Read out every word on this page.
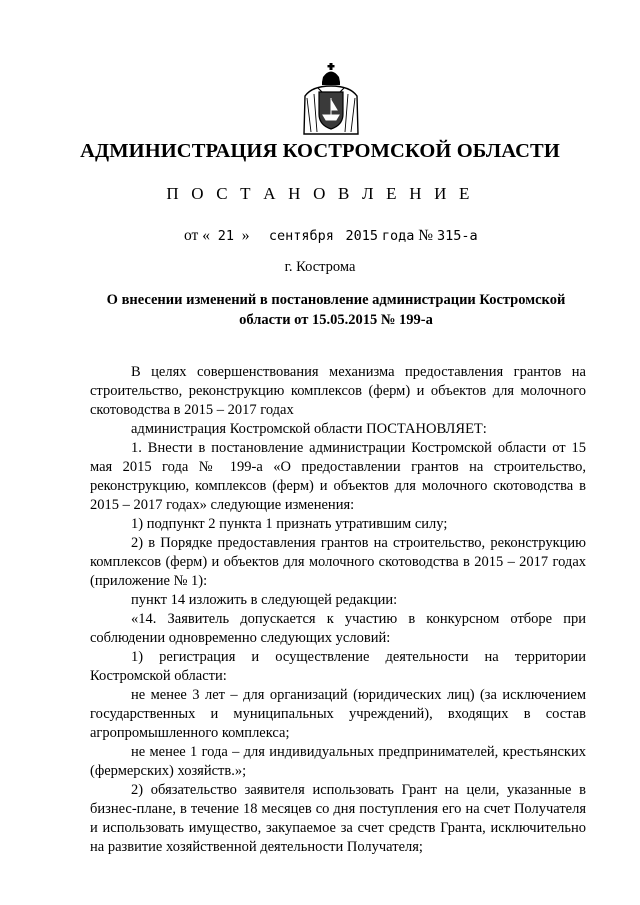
АДМИНИСТРАЦИЯ КОСТРОМСКОЙ ОБЛАСТИ
П О С Т А Н О В Л Е Н И Е
от « 21 » сентября 2015 года № 315-а
г. Кострома
О внесении изменений в постановление администрации Костромской
области от 15.05.2015 № 199-а

В целях совершенствования механизма предоставления грантов на строительство, реконструкцию комплексов (ферм) и объектов для молочного скотоводства в 2015 – 2017 годах

администрация Костромской области ПОСТАНОВЛЯЕТ:

1. Внести в постановление администрации Костромской области от 15 мая 2015 года № 199-а «О предоставлении грантов на строительство, реконструкцию, комплексов (ферм) и объектов для молочного скотоводства в 2015 – 2017 годах» следующие изменения:

1) подпункт 2 пункта 1 признать утратившим силу;

2) в Порядке предоставления грантов на строительство, реконструкцию комплексов (ферм) и объектов для молочного скотоводства в 2015 – 2017 годах (приложение № 1):

пункт 14 изложить в следующей редакции:

«14. Заявитель допускается к участию в конкурсном отборе при соблюдении одновременно следующих условий:

1) регистрация и осуществление деятельности на территории Костромской области:

не менее 3 лет – для организаций (юридических лиц) (за исключением государственных и муниципальных учреждений), входящих в состав агропромышленного комплекса;

не менее 1 года – для индивидуальных предпринимателей, крестьянских (фермерских) хозяйств.»;

2) обязательство заявителя использовать Грант на цели, указанные в бизнес-плане, в течение 18 месяцев со дня поступления его на счет Получателя и использовать имущество, закупаемое за счет средств Гранта, исключительно на развитие хозяйственной деятельности Получателя;
